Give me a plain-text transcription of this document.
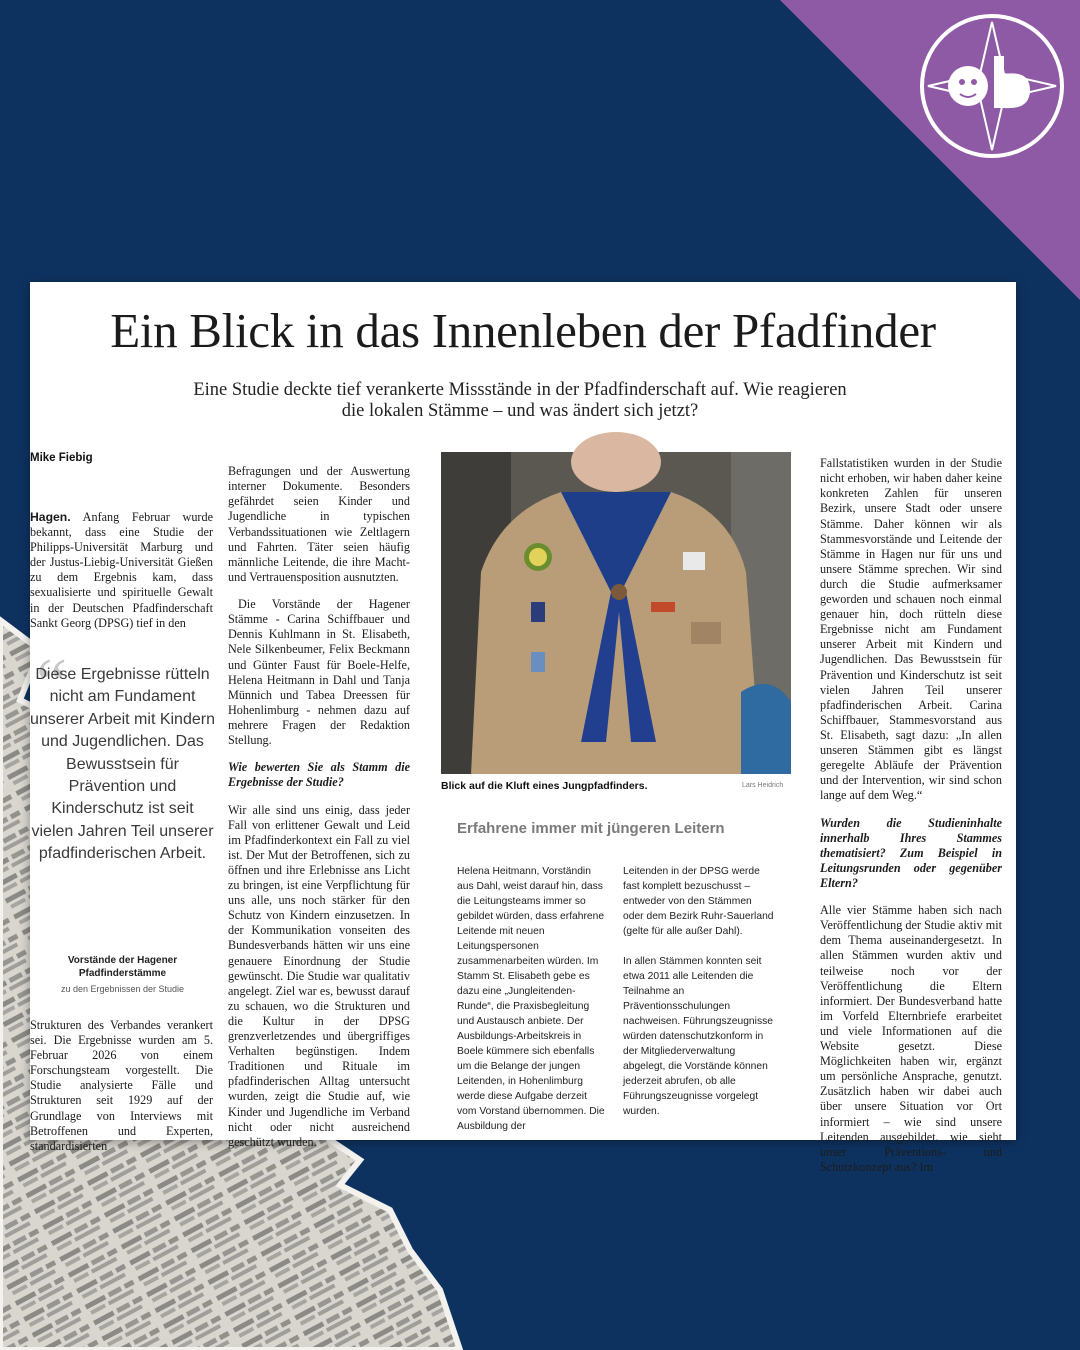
Ein Blick in das Innenleben der Pfadfinder
Eine Studie deckte tief verankerte Missstände in der Pfadfinderschaft auf. Wie reagieren die lokalen Stämme – und was ändert sich jetzt?
Mike Fiebig

Hagen. Anfang Februar wurde bekannt, dass eine Studie der Philipps-Universität Marburg und der Justus-Liebig-Universität Gießen zu dem Ergebnis kam, dass sexualisierte und spirituelle Gewalt in der Deutschen Pfadfinderschaft Sankt Georg (DPSG) tief in den

“
Diese Ergebnisse rütteln nicht am Fundament unserer Arbeit mit Kindern und Jugendlichen. Das Bewusstsein für Prävention und Kinderschutz ist seit vielen Jahren Teil unserer pfadfinderischen Arbeit.
Vorstände der Hagener Pfadfinderstämme
zu den Ergebnissen der Studie

Strukturen des Verbandes verankert sei. Die Ergebnisse wurden am 5. Februar 2026 von einem Forschungsteam vorgestellt. Die Studie analysierte Fälle und Strukturen seit 1929 auf der Grundlage von Interviews mit Betroffenen und Experten, standardisierten

Befragungen und der Auswertung interner Dokumente. Besonders gefährdet seien Kinder und Jugendliche in typischen Verbandssituationen wie Zeltlagern und Fahrten. Täter seien häufig männliche Leitende, die ihre Macht- und Vertrauensposition ausnutzten.

Die Vorstände der Hagener Stämme - Carina Schiffbauer und Dennis Kuhlmann in St. Elisabeth, Nele Silkenbeumer, Felix Beckmann und Günter Faust für Boele-Helfe, Helena Heitmann in Dahl und Tanja Münnich und Tabea Dreessen für Hohenlimburg - nehmen dazu auf mehrere Fragen der Redaktion Stellung.

Wie bewerten Sie als Stamm die Ergebnisse der Studie?

Wir alle sind uns einig, dass jeder Fall von erlittener Gewalt und Leid im Pfadfinderkontext ein Fall zu viel ist. Der Mut der Betroffenen, sich zu öffnen und ihre Erlebnisse ans Licht zu bringen, ist eine Verpflichtung für uns alle, uns noch stärker für den Schutz von Kindern einzusetzen. In der Kommunikation vonseiten des Bundesverbands hätten wir uns eine genauere Einordnung der Studie gewünscht. Die Studie war qualitativ angelegt. Ziel war es, bewusst darauf zu schauen, wo die Strukturen und die Kultur in der DPSG grenzverletzendes und übergriffiges Verhalten begünstigen. Indem Traditionen und Rituale im pfadfinderischen Alltag untersucht wurden, zeigt die Studie auf, wie Kinder und Jugendliche im Verband nicht oder nicht ausreichend geschützt wurden.

Blick auf die Kluft eines Jungpfadfinders.	Lars Heidrich
Erfahrene immer mit jüngeren Leitern

Helena Heitmann, Vorständin aus Dahl, weist darauf hin, dass die Leitungsteams immer so gebildet würden, dass erfahrene Leitende mit neuen Leitungspersonen zusammenarbeiten würden. Im Stamm St. Elisabeth gebe es dazu eine „Jungleitenden-Runde“, die Praxisbegleitung und Austausch anbiete. Der Ausbildungs-Arbeitskreis in Boele kümmere sich ebenfalls um die Belange der jungen Leitenden, in Hohenlimburg werde diese Aufgabe derzeit vom Vorstand übernommen. Die Ausbildung der

Leitenden in der DPSG werde fast komplett bezuschusst – entweder von den Stämmen oder dem Bezirk Ruhr-Sauerland (gelte für alle außer Dahl).

In allen Stämmen konnten seit etwa 2011 alle Leitenden die Teilnahme an Präventionsschulungen nachweisen. Führungszeugnisse würden datenschutzkonform in der Mitgliederverwaltung abgelegt, die Vorstände können jederzeit abrufen, ob alle Führungszeugnisse vorgelegt wurden.

Fallstatistiken wurden in der Studie nicht erhoben, wir haben daher keine konkreten Zahlen für unseren Bezirk, unsere Stadt oder unsere Stämme. Daher können wir als Stammesvorstände und Leitende der Stämme in Hagen nur für uns und unsere Stämme sprechen. Wir sind durch die Studie aufmerksamer geworden und schauen noch einmal genauer hin, doch rütteln diese Ergebnisse nicht am Fundament unserer Arbeit mit Kindern und Jugendlichen. Das Bewusstsein für Prävention und Kinderschutz ist seit vielen Jahren Teil unserer pfadfinderischen Arbeit. Carina Schiffbauer, Stammesvorstand aus St. Elisabeth, sagt dazu: „In allen unseren Stämmen gibt es längst geregelte Abläufe der Prävention und der Intervention, wir sind schon lange auf dem Weg.“

Wurden die Studieninhalte innerhalb Ihres Stammes thematisiert? Zum Beispiel in Leitungsrunden oder gegenüber Eltern?

Alle vier Stämme haben sich nach Veröffentlichung der Studie aktiv mit dem Thema auseinandergesetzt. In allen Stämmen wurden aktiv und teilweise noch vor der Veröffentlichung die Eltern informiert. Der Bundesverband hatte im Vorfeld Elternbriefe erarbeitet und viele Informationen auf die Website gesetzt. Diese Möglichkeiten haben wir, ergänzt um persönliche Ansprache, genutzt. Zusätzlich haben wir dabei auch über unsere Situation vor Ort informiert – wie sind unsere Leitenden ausgebildet, wie sieht unser Präventions- und Schutzkonzept aus? Im
